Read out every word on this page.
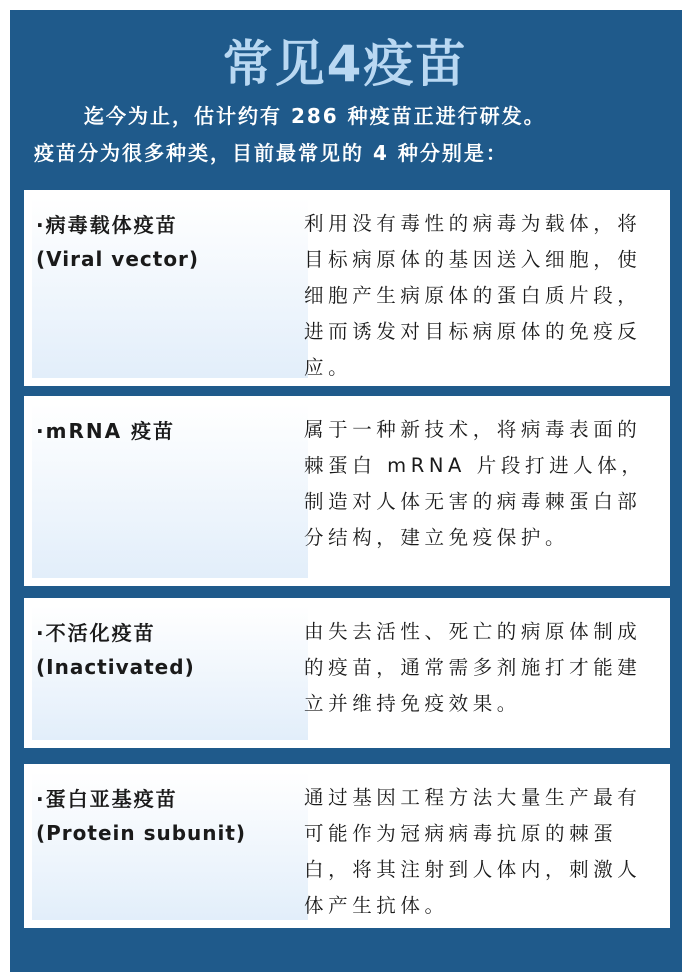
常见4疫苗

迄今为止，估计约有 286 种疫苗正进行研发。

疫苗分为很多种类，目前最常见的 4 种分别是：

·病毒载体疫苗
(Viral vector)

利用没有毒性的病毒为载体，将目标病原体的基因送入细胞，使细胞产生病原体的蛋白质片段，进而诱发对目标病原体的免疫反应。

·mRNA 疫苗	属于一种新技术，将病毒表面的棘蛋白 mRNA 片段打进人体，制造对人体无害的病毒棘蛋白部分结构，建立免疫保护。

·不活化疫苗
(Inactivated)

由失去活性、死亡的病原体制成的疫苗，通常需多剂施打才能建立并维持免疫效果。

·蛋白亚基疫苗
(Protein subunit)

通过基因工程方法大量生产最有可能作为冠病病毒抗原的棘蛋白，将其注射到人体内，刺激人体产生抗体。
